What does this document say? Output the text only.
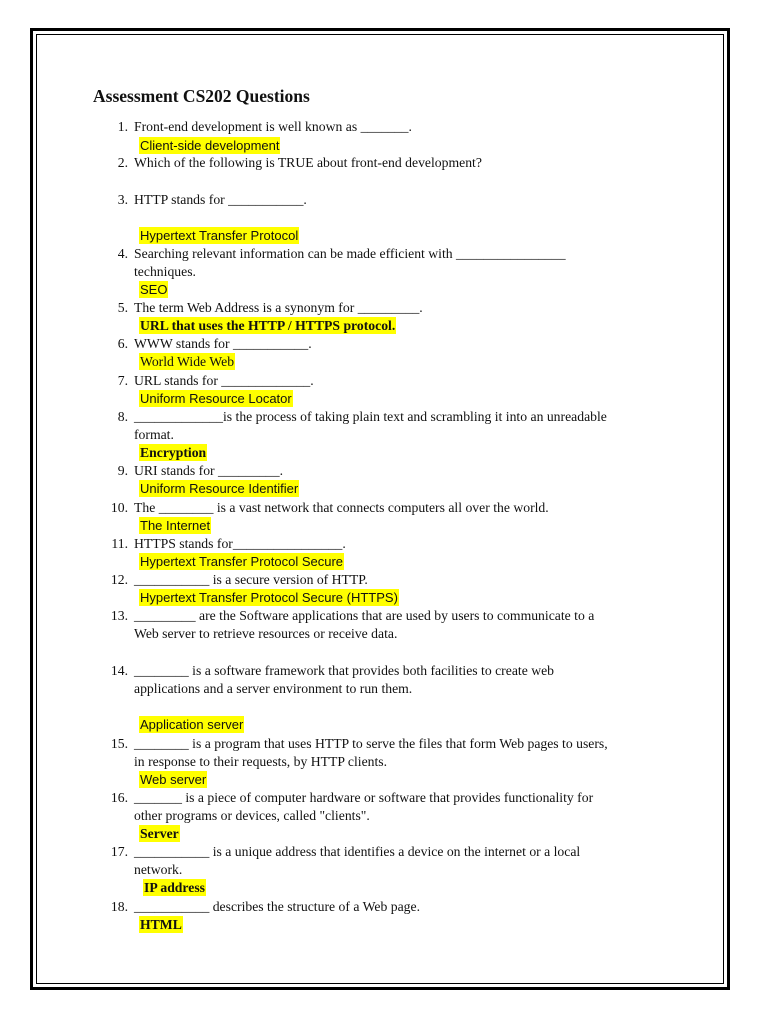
Assessment CS202 Questions
1. Front-end development is well known as _______.
Client-side development
2. Which of the following is TRUE about front-end development?
3. HTTP stands for ___________.
Hypertext Transfer Protocol
4. Searching relevant information can be made efficient with ________________
techniques.
SEO
5. The term Web Address is a synonym for _________.
URL that uses the HTTP / HTTPS protocol.
6. WWW stands for ___________.
World Wide Web
7. URL stands for _____________.
Uniform Resource Locator
8. _____________is the process of taking plain text and scrambling it into an unreadable
format.
Encryption
9. URI stands for _________.
Uniform Resource Identifier
10. The ________ is a vast network that connects computers all over the world.
The Internet
11. HTTPS stands for________________.
Hypertext Transfer Protocol Secure
12. ___________ is a secure version of HTTP.
Hypertext Transfer Protocol Secure (HTTPS)
13. _________ are the Software applications that are used by users to communicate to a
Web server to retrieve resources or receive data.
14. ________ is a software framework that provides both facilities to create web
applications and a server environment to run them.
Application server
15. ________ is a program that uses HTTP to serve the files that form Web pages to users,
in response to their requests, by HTTP clients.
Web server
16. _______ is a piece of computer hardware or software that provides functionality for
other programs or devices, called "clients".
Server
17. ___________ is a unique address that identifies a device on the internet or a local
network.
IP address
18. ___________ describes the structure of a Web page.
HTML
